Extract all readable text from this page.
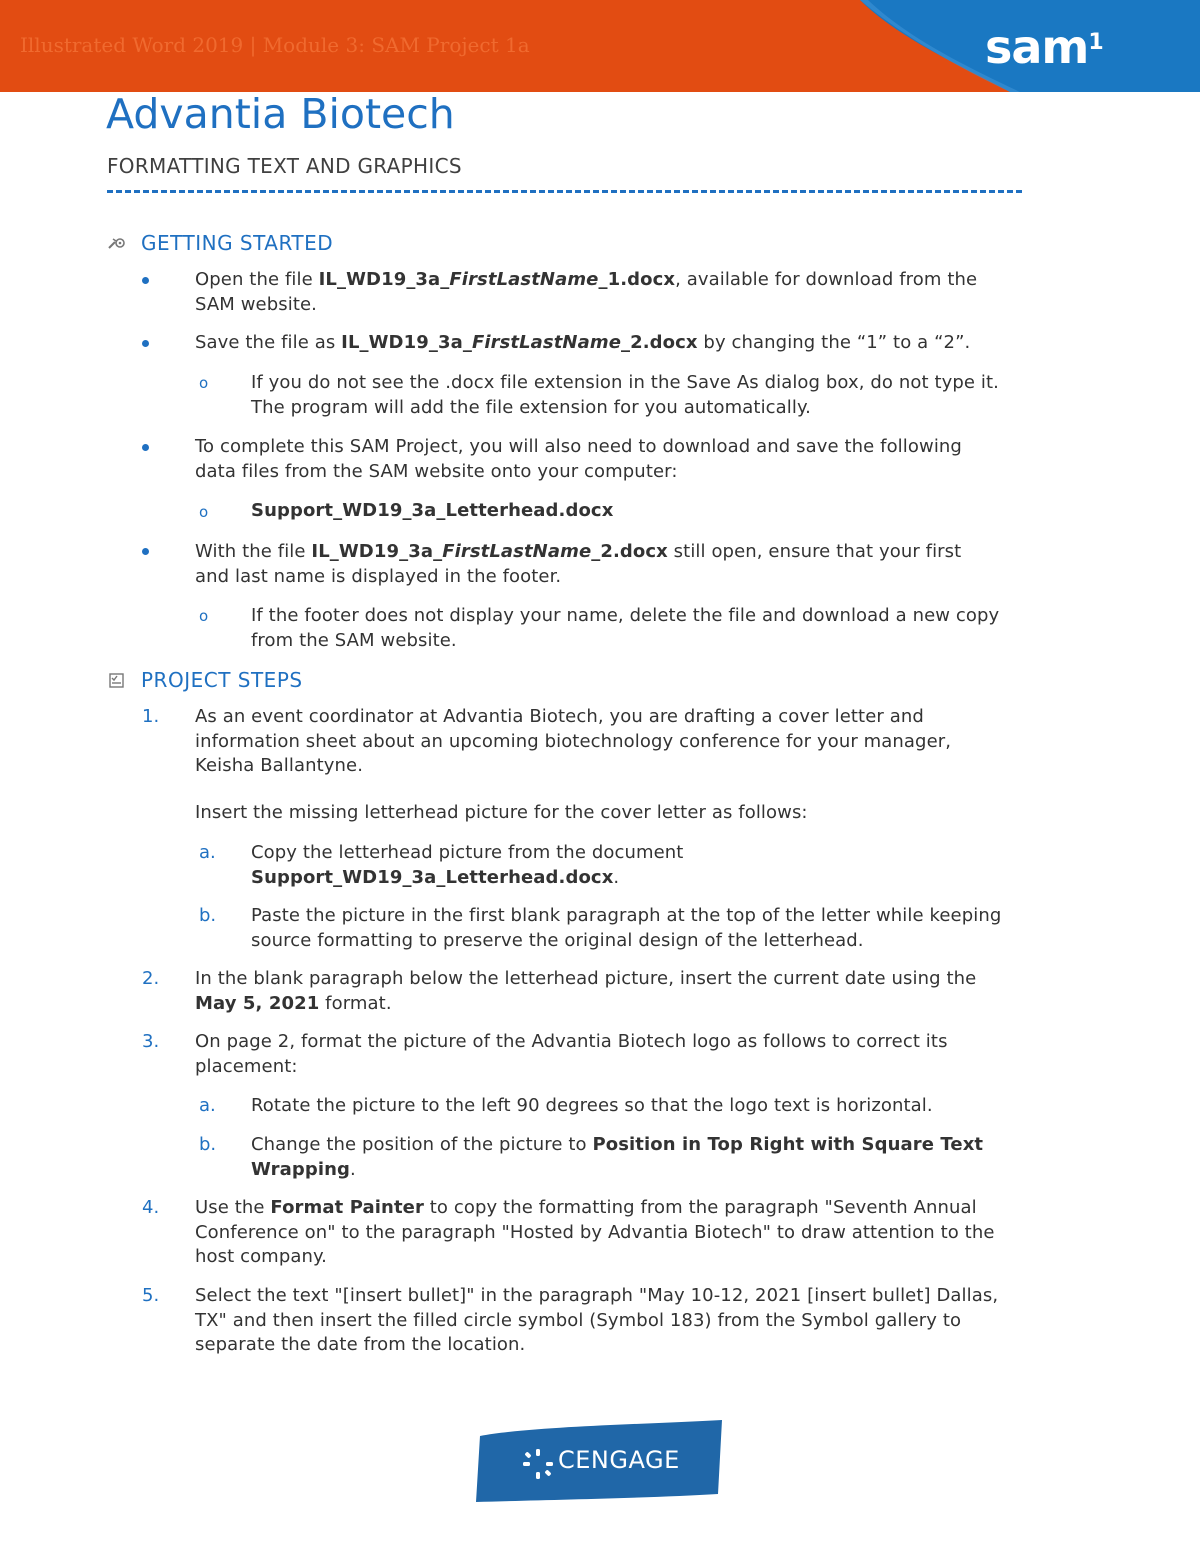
Illustrated Word 2019 | Module 3: SAM Project 1a	sam$^1$
Advantia Biotech
FORMATTING TEXT AND GRAPHICS
GETTING STARTED
Open the file IL_WD19_3a_FirstLastName_1.docx, available for download from the
SAM website.
Save the file as IL_WD19_3a_FirstLastName_2.docx by changing the “1” to a “2”.
o If you do not see the .docx file extension in the Save As dialog box, do not type it.
The program will add the file extension for you automatically.
To complete this SAM Project, you will also need to download and save the following
data files from the SAM website onto your computer:
o Support_WD19_3a_Letterhead.docx
With the file IL_WD19_3a_FirstLastName_2.docx still open, ensure that your first
and last name is displayed in the footer.
o If the footer does not display your name, delete the file and download a new copy
from the SAM website.
PROJECT STEPS
1. As an event coordinator at Advantia Biotech, you are drafting a cover letter and
information sheet about an upcoming biotechnology conference for your manager,
Keisha Ballantyne.
Insert the missing letterhead picture for the cover letter as follows:
a. Copy the letterhead picture from the document
Support_WD19_3a_Letterhead.docx.
b. Paste the picture in the first blank paragraph at the top of the letter while keeping
source formatting to preserve the original design of the letterhead.
2. In the blank paragraph below the letterhead picture, insert the current date using the
May 5, 2021 format.
3. On page 2, format the picture of the Advantia Biotech logo as follows to correct its
placement:
a. Rotate the picture to the left 90 degrees so that the logo text is horizontal.
b. Change the position of the picture to Position in Top Right with Square Text
Wrapping.
4. Use the Format Painter to copy the formatting from the paragraph "Seventh Annual
Conference on" to the paragraph "Hosted by Advantia Biotech" to draw attention to the
host company.
5. Select the text "[insert bullet]" in the paragraph "May 10-12, 2021 [insert bullet] Dallas,
TX" and then insert the filled circle symbol (Symbol 183) from the Symbol gallery to
separate the date from the location.
CENGAGE
